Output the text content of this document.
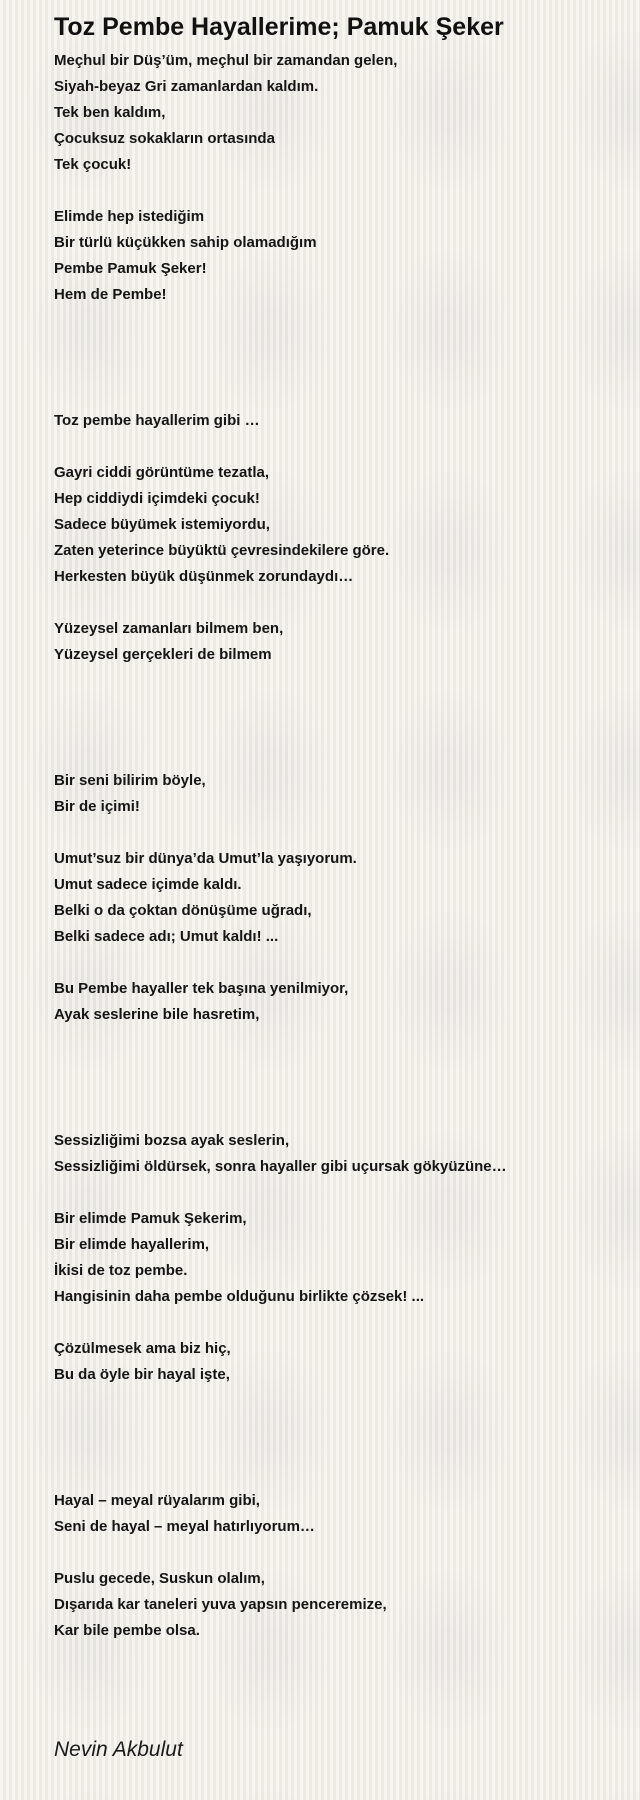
Toz Pembe Hayallerime; Pamuk Şeker
Meçhul bir Düş’üm, meçhul bir zamandan gelen,
Siyah-beyaz Gri zamanlardan kaldım.
Tek ben kaldım,
Çocuksuz sokakların ortasında
Tek çocuk!
Elimde hep istediğim
Bir türlü küçükken sahip olamadığım
Pembe Pamuk Şeker!
Hem de Pembe!
Toz pembe hayallerim gibi …
Gayri ciddi görüntüme tezatla,
Hep ciddiydi içimdeki çocuk!
Sadece büyümek istemiyordu,
Zaten yeterince büyüktü çevresindekilere göre.
Herkesten büyük düşünmek zorundaydı…
Yüzeysel zamanları bilmem ben,
Yüzeysel gerçekleri de bilmem
Bir seni bilirim böyle,
Bir de içimi!
Umut’suz bir dünya’da Umut’la yaşıyorum.
Umut sadece içimde kaldı.
Belki o da çoktan dönüşüme uğradı,
Belki sadece adı; Umut kaldı! ...
Bu Pembe hayaller tek başına yenilmiyor,
Ayak seslerine bile hasretim,
Sessizliğimi bozsa ayak seslerin,
Sessizliğimi öldürsek, sonra hayaller gibi uçursak gökyüzüne…
Bir elimde Pamuk Şekerim,
Bir elimde hayallerim,
İkisi de toz pembe.
Hangisinin daha pembe olduğunu birlikte çözsek! ...
Çözülmesek ama biz hiç,
Bu da öyle bir hayal işte,
Hayal – meyal rüyalarım gibi,
Seni de hayal – meyal hatırlıyorum…
Puslu gecede, Suskun olalım,
Dışarıda kar taneleri yuva yapsın penceremize,
Kar bile pembe olsa.
Nevin Akbulut
